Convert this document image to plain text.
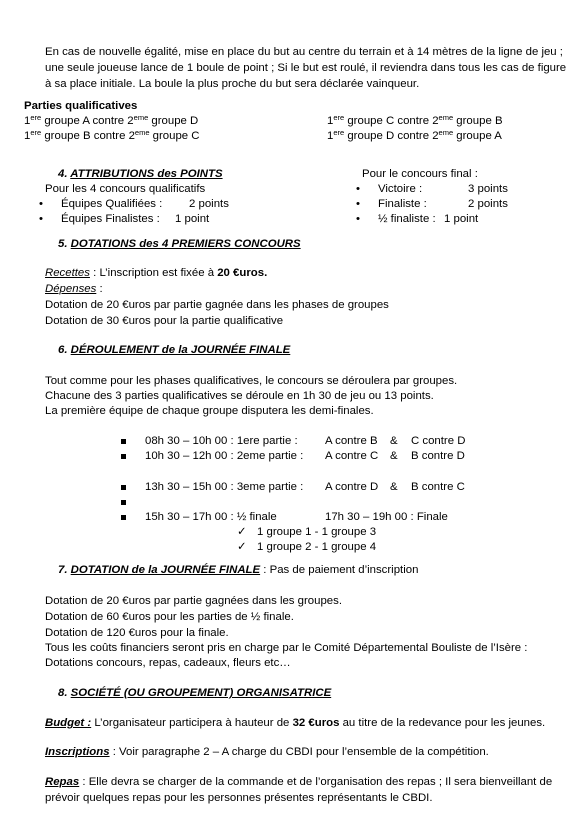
En cas de nouvelle égalité, mise en place du but au centre du terrain et à 14 mètres de la ligne de jeu ;
une seule joueuse lance de 1 boule de point ; Si le but est roulé, il reviendra dans tous les cas de figure
à sa place initiale. La boule la plus proche du but sera déclarée vainqueur.
Parties qualificatives
1ere groupe A contre 2eme groupe D	1ere groupe C contre 2eme groupe B
1ere groupe B contre 2eme groupe C	1ere groupe D contre 2eme groupe A
4. ATTRIBUTIONS des POINTS
Pour les 4 concours qualificatifs
• Équipes Qualifiées : 2 points
• Équipes Finalistes : 1 point
Pour le concours final :
• Victoire :	3 points
• Finaliste :	2 points
• ½ finaliste : 1 point
5. DOTATIONS des 4 PREMIERS CONCOURS
Recettes : L’inscription est fixée à 20 €uros.
Dépenses :
Dotation de 20 €uros par partie gagnée dans les phases de groupes
Dotation de 30 €uros pour la partie qualificative
6. DÉROULEMENT de la JOURNÉE FINALE
Tout comme pour les phases qualificatives, le concours se déroulera par groupes.
Chacune des 3 parties qualificatives se déroule en 1h 30 de jeu ou 13 points.
La première équipe de chaque groupe disputera les demi-finales.
08h 30 – 10h 00 : 1ere partie : A contre B & C contre D
10h 30 – 12h 00 : 2eme partie : A contre C & B contre D
13h 30 – 15h 00 : 3eme partie : A contre D & B contre C
15h 30 – 17h 00 : ½ finale	17h 30 – 19h 00 : Finale
✓ 1 groupe 1 - 1 groupe 3
✓ 1 groupe 2 - 1 groupe 4
7. DOTATION de la JOURNÉE FINALE : Pas de paiement d’inscription
Dotation de 20 €uros par partie gagnées dans les groupes.
Dotation de 60 €uros pour les parties de ½ finale.
Dotation de 120 €uros pour la finale.
Tous les coûts financiers seront pris en charge par le Comité Départemental Bouliste de l’Isère :
Dotations concours, repas, cadeaux, fleurs etc…
8. SOCIÉTÉ (OU GROUPEMENT) ORGANISATRICE
Budget : L’organisateur participera à hauteur de 32 €uros au titre de la redevance pour les jeunes.
Inscriptions : Voir paragraphe 2 – A charge du CBDI pour l’ensemble de la compétition.
Repas : Elle devra se charger de la commande et de l’organisation des repas ; Il sera bienveillant de
prévoir quelques repas pour les personnes présentes représentants le CBDI.
